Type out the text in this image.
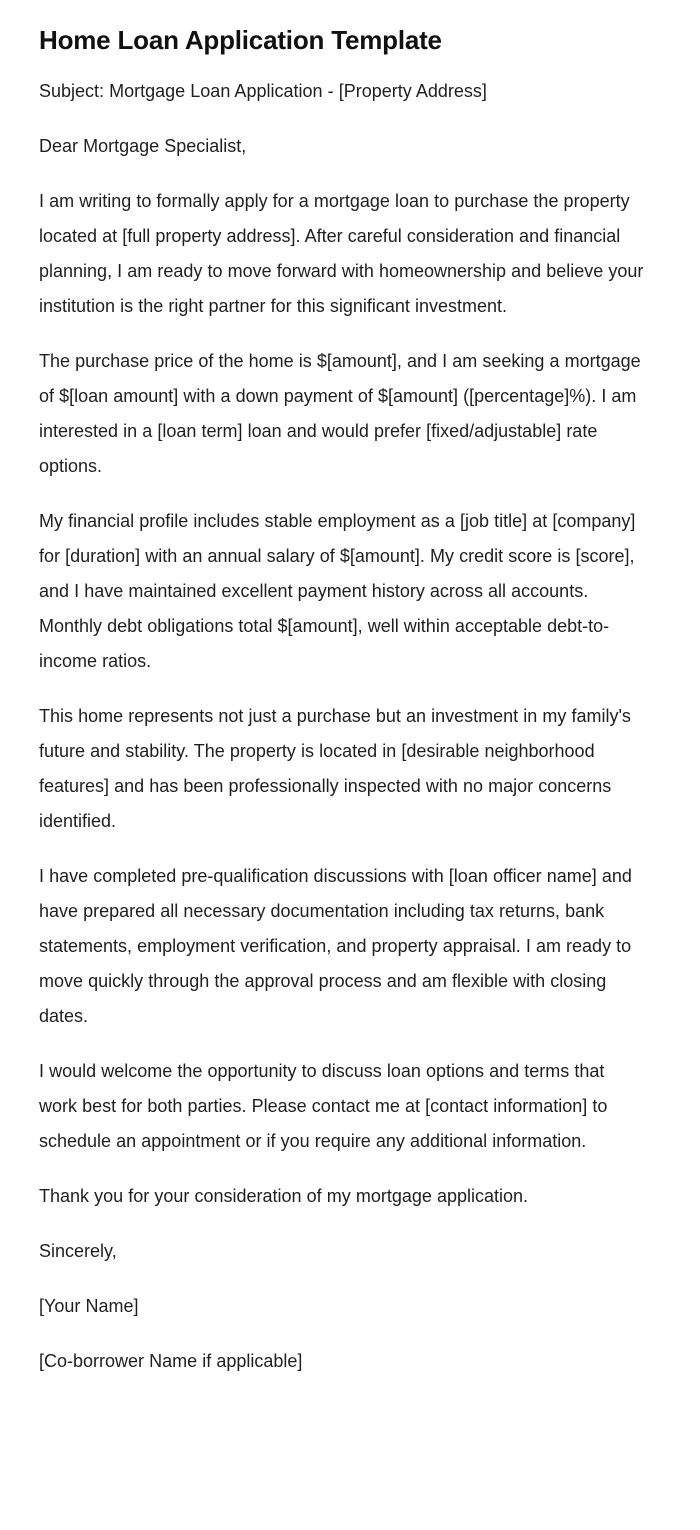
Home Loan Application Template

Subject: Mortgage Loan Application - [Property Address]

Dear Mortgage Specialist,

I am writing to formally apply for a mortgage loan to purchase the property located at [full property address]. After careful consideration and financial planning, I am ready to move forward with homeownership and believe your institution is the right partner for this significant investment.

The purchase price of the home is $[amount], and I am seeking a mortgage of $[loan amount] with a down payment of $[amount] ([percentage]%). I am interested in a [loan term] loan and would prefer [fixed/adjustable] rate options.

My financial profile includes stable employment as a [job title] at [company] for [duration] with an annual salary of $[amount]. My credit score is [score], and I have maintained excellent payment history across all accounts. Monthly debt obligations total $[amount], well within acceptable debt-to-income ratios.

This home represents not just a purchase but an investment in my family's future and stability. The property is located in [desirable neighborhood features] and has been professionally inspected with no major concerns identified.

I have completed pre-qualification discussions with [loan officer name] and have prepared all necessary documentation including tax returns, bank statements, employment verification, and property appraisal. I am ready to move quickly through the approval process and am flexible with closing dates.

I would welcome the opportunity to discuss loan options and terms that work best for both parties. Please contact me at [contact information] to schedule an appointment or if you require any additional information.

Thank you for your consideration of my mortgage application.

Sincerely,

[Your Name]

[Co-borrower Name if applicable]
